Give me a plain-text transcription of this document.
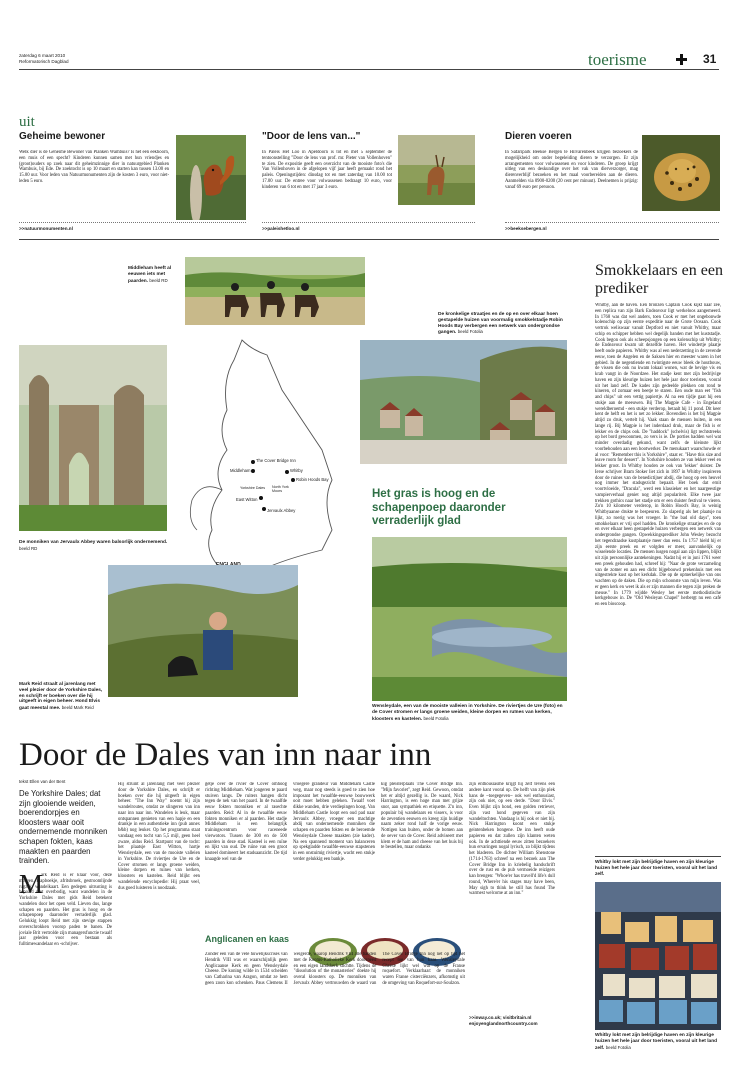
zaterdag 6 maart 2010
Reformatorisch Dagblad	toerisme	31
uit
Geheime bewoner
Welk dier is de Geheime Bewoner van Planken Wambuis? Is het een eekhoorn, een muis of een specht? Kinderen kunnen samen met hun vriendjes en (groot)ouders op zoek naar dit geheimzinnige dier in natuurgebied Planken Wambuis, bij Ede. De zoektocht is op 10 maart en starten kan tussen 13.00 en 15.00 uur. Voor leden van Natuurmonumenten zijn de kosten 3 euro, voor niet-leden 5 euro.
>>natuurmonumenten.nl
"Door de lens van..."
In Paleis Het Loo in Apeldoorn is tot en met 5 september de tentoonstelling "Door de lens van prof. mr. Pieter van Vollenhoven" te zien. De expositie geeft een overzicht van de mooiste foto's die Van Vollenhoven in de afgelopen vijf jaar heeft gemaakt rond het paleis. Openingstijden: dinsdag tot en met zaterdag van 10.00 tot 17.00 uur. De entree voor volwassenen bedraagt 10 euro, voor kinderen van 6 tot en met 17 jaar 3 euro.
>>paleishetloo.nl
Dieren voeren
In Safaripark Beekse Bergen te Hilvarenbeek krijgen bezoekers de mogelijkheid om onder begeleiding dieren te verzorgen. Er zijn arrangementen voor volwassenen en voor kinderen. De groep krijgt uitleg van een deskundige over het vak van dierverzorger, mag dierenverblijf bezoeken en het maal voorbereiden aan de dieren. Aanmelden via 0900-0200 (20 cent per minuut). Deelnemen is prijzig: vanaf 69 euro per persoon.
>>beeksebergen.nl
Middleham heeft al eeuwen iets met paarden. beeld RD
De kronkelige straatjes en de op en over elkaar hoen gestapelde huizen van voormalig smokkelstadje Robin Hoods Bay verbergen een netwerk van ondergrondse gangen. beeld Fotolia
De monniken van Jervaulx Abbey waren balsorlijk ondernemend. beeld RD
The Cover Bridge Inn
Middleham
Yorkshire Dales
East Witton
Jervaulx Abbey
Whitby
Robin Hoods Bay
North York Moors	Het gras is hoog en de schapenpoep daaronder verraderlijk glad
Mark Reid straalt al jarenlang met veel plezier door de Yorkshire Dales, en schrijft er boeken over die hij uitgeeft in eigen beheer. Hond Elvis gaat meestal mee. beeld Mark Reid	Wensleydale, een van de mooiste valleien in Yorkshire. De riviertjes de Ure (foto) en de Cover stromen er langs groene weiden, kleine dorpen en ruïnes van kerken, kloosters en kastelen. beeld Fotolia
Smokkelaars en een prediker
Whitby, aan de haven. Een bronzen Captain Cook kijkt naar zee, een replica van zijn Bark Endeavour ligt werkeloos aangemeerd. In 1768 was dat wel anders, toen Cook er met het ongebonwde kolenschip op zijn eerste expeditie naar de Grote Oceaan. Cook vertrok weliswaar vanuit Deptford en niet vanuit Whitby, maar schip en schipper hebben wel degelijk banden met het kuststadje. Cook begon ook als scheepsjongen op een kolenschip uit Whitby; de Endeavour kwam uit dezelfde haven. Het windertje plaatje heeft oude papieren. Whitby was al een nederzetting in de zevende eeuw, toen de Angelen en de Saksen hier en meester waren in het gebied. In de negentiende en twintigste eeuw bleek de houtbouw, de vissen die ook nu kwam lokaal wonen, wat de hevige vis en krab vangt in de Noordzee. Het stadje kent met zijn bedrijvige haven en zijn kleurige huizen het hele jaar door toeristen, vooral uit het land zelf. De kades zijn gedeelde plekken om rond te kineren, of zomaar een beetje te staren. Een oude man eet "fish and chips" uit een vettig papiertje. Al na een tijdje gaat hij een stukje aan de meeuwen. Bij The Magpie Cafe - in Engeland wereldberoemd - een stukje verderop, betaalt hij 11 pond. Dit keer kent de helft en het is net zo lekker. Bovendien is het bij Magpie altijd zo druk, vertelt hij. Vaak staan de mensen buiten, in een lange rij. Bij Magpie is het inderdaad druk, maar de fish is er lekker en de chips ook. De "haddock" (schelvis) ligt rechtstreeks op het bord gewoonmen, zo vers is ie. De porties hadden wel wat minder overdadig gekund, want zelfs de kleinste lijkt voorbehouden aan een bootwerker. De menukaart waarschuwde er al voor: "Remember this is Yorkshire", staat er. "Have this size and leave room for dessert". In Yorkshire houden ze van lekker veel en lekker groot. In Whitby houden ze ook van 'lekker' duister. De Ierse schrijver Bram Stoker liet zich in 1897 in Whitby inspireren door de ruines van de benedictijner abdij, die hoog op een heuvel nog immer het stadsgezicht bepaalt. Het boek dat ernit voortvloeide, "Dracula", werd een klassieker en het naargeestige vampierverhaal geniet nog altijd populariteit. Elke twee jaar trekken gothics naar het stadje om er een duister festival te vieren. Zo'n 10 kilometer verderop, in Robin Hood's Bay, is weinig Whitbyaanse drukte te bespeuren. Zo slaperig als het plaatsje nu lijkt, zo roerig was het vroeger. In "the bad old days", toen smokkelaars er vrij spel hadden. De kronkelige straatjes en de op en over elkaar heen gestapelde huizen verbergen een netwerk van ondergrondse gangen. Opwekkingsprediker John Wesley bezocht het tegendraadse kustplaatsje meer dan eens. In 1757 hield hij er zijn eerste preek en er volgden er meer, aanvankelijk op wisselende locaties. De mensen lusgen nogal aan zijn lippen, blijkt uit zijn persoonlijke aantekeningen. Nadat hij er in juni 1761 weer een preek gehouden had, schreef hij: "Naar de grote verzameling van de zomer en aan een dicht bijgebouwd prekenhuis met een uitgestrekte kust op het kerkdak. Die op de opmerkelijke van ons wachten op de daken. Die op mijn schoonste van mijn leven. Was er geen kerk en weet ik als er zijn mannen die tegen zijn preken de meuse." In 1779 wijdde Wesley het eerste methodistische kerkgebouw in. De "Old Wesleyan Chapel" herbergt nu een café en een bioscoop.
Door de Dales van inn naar inn
tekst Ellen van der Bent
De Yorkshire Dales; dat zijn glooiende weiden, boerendorpjes en kloosters waar ooit ondernemende monniken schapen fokten, kaas maakten en paarden trainden.
M
ark Reid is er klaar voor, deze morgen. Flapboekje, afritsbroek, gestroomlijnde rugzak, wandelkaart. Een gedegen uitrusting is bepaald niet overbodig, want wandelen in de Yorkshire Dales met gids Reid betekent wandelen door het open veld. Lieven dus, lange schapen en paarden. Het gras is hoog en de schapenpoep daaronder verraderlijk glad. Gelukkig loopt Reid met zijn stevige stappen onverschrokken voorop paden te banen. De joviale Brit vertrolde zijn managersfunctie twaalf jaar geleden voor een bestaan als fulltimewandelaar en -schrijver.
Hij struint al jarenlang met veel plezier door de Yorkshire Dales, en schrijft er boeken over die hij uitgeeft in eigen beheer. "The Inn Way" noemt hij zijn wandelroutes, omdat ze slingeren van inn naar inn naar inn. Wandelen is leuk, maar ontspannen genieten van een hapje en een drankje in een authentieke inn (pub annex b&b) nog leuker. Op het programma staat vandaag een tocht van 5,5 mijl, geen heel zware, aldus Reid. Startpunt van de tocht: het plaatsje East Witton, hartje Wensleydale, een van de mooiste valleien in Yorkshire. De riviertjes de Ure en de Cover stromen er langs groene weiden, kleine dorpen en ruïnes van kerken, kloosters en kastelen. Reid blijkt een wandelende encyclopedie: Hij praat veel, dus goed luisteren is noodzaak.
getje over de rivier de Cover omhoog richting Middleham. Wat jongeren te paard stuiven langs. De ruiters hangen dicht tegen de nek van het paard. In de twaalfde eeuw fokten monniken er al rasechte paarden. Reid: Al in de twaalfde eeuw fokten monniken er al paarden. Het stadje Middleham is een belangrijk trainingscentrum voor raceneede vierwotors. Tussen de 300 en de 500 paarden in deze stad. Kasteel is een ruïne en lijkt van oud. De ruïne van een groot kasteel domineert het stadsaanzicht. De tijd knaagde wel van de
vroegere grandeur van Middleham Castle weg, maar nog steeds is goed te zien hoe imposant het twaalfde-eeuwse bouwwerk ooit moet hebben geleken. Twaalf voet dikke wanden, drie verdiepingen hoog. Van Middleham Castle loopt een oud pad naar Jervaulx Abbey, vroeger een machtige abdij van ondernemende monniken die schapen en paarden fokten en de beroemde Wensleydale Cheese maakten (zie kader). Na een spannend moment van balanceren op spekgladde twaalfde-eeuwse stapstenen in een onstuimig riviertje, wacht een stukje verder gelukkig een bankje.
kig pleisterplaats The Cover Bridge Inn. "Mijn favoriet", zegt Reid. Gewoon, omdat het er altijd gezellig is. De waard, Nick Harrington, is een hoge man met grijze snor, aan sympathiek en etiquette. Z'n inn, populair bij wandelaars en vissers, is voor de zeventien eeuwen en kreeg zijn huidige naam zeker rond half de vorige eeuw. Nottigen kan buiten, onder de bomen aan de oever van de Cover. Reid adviseert met klem er de ham and cheese van het huis bij te bestellen, maar ondanks
zijn enthousiasme krijgt hij zelf tevens een andere kant vooral op. De helft van zijn plek hans de ~toegegeven~ ook wel enthousiast, zijn ook niet, op een derde. "Door Elvis." Even blijkt zijn hond, een golden retriever, zijn vast hond gegeven van zijn wandeltochten. Vandaag is hij ook er niet bij. Nick Harrington koont een stukje geintenbeken bongene. De inn heeft oude papieren en dat zullen zijn klanten weten ook. In de achttiende eeuw zitten bezoekers hun ervaringen nogal lyrisch, zo blijkt tijdens het bladeren. De dichter William Shenstone (1714-1763) schreef na een bezoek aan The Cover Bridge Inn in kriebelig handschrift over de rust en de pub vermoeide reizigers kan brengen: "Whoe'er has travell'd life's dull round, Where'er his stages may have been, May sigh to think he still has found The warmest welcome at an inn."
>>inway.co.uk; visitbritain.nl
enjoyenglandnorthcountry.com
Anglicanen en kaas
Zonder een van de vele huwelijkscrises van Hendrik VIII was er waarschijnlijk geen Anglicaanse Kerk en geen Wensleydale Cheese. De koning wilde in 1534 scheiden van Catharina van Aragon, omdat ze hem geen zoon kon schenken. Paus Clemens II weigerde, waarop Hendrik VIII alle banden met de Rooms-Katholieke Kerk doorsneed en een eigen landskerk stichtte. Tijdens de "dissolution of the monasteries" doekte hij overal kloosters op. De monniken van Jervaulx Abbey vertrouwden de waard van The Cover Bridge Inn nog net op tijd het recept toe van hun kaas. Wensleydale Cheese lijkt wel wat op de Franse roquefort. Verklaarbaar: de monniken waren Franse cisterciënzers, afkomstig uit de omgeving van Roquefort-sur-Soulzon.
Whitby lokt met zijn belrijdige haven en zijn kleurige huizen het hele jaar door toeristen, vooral uit het land zelf.
Whitby lokt met zijn belrijdige haven en zijn kleurige huizen het hele jaar door toeristen, vooral uit het land zelf. beeld Fotolia
